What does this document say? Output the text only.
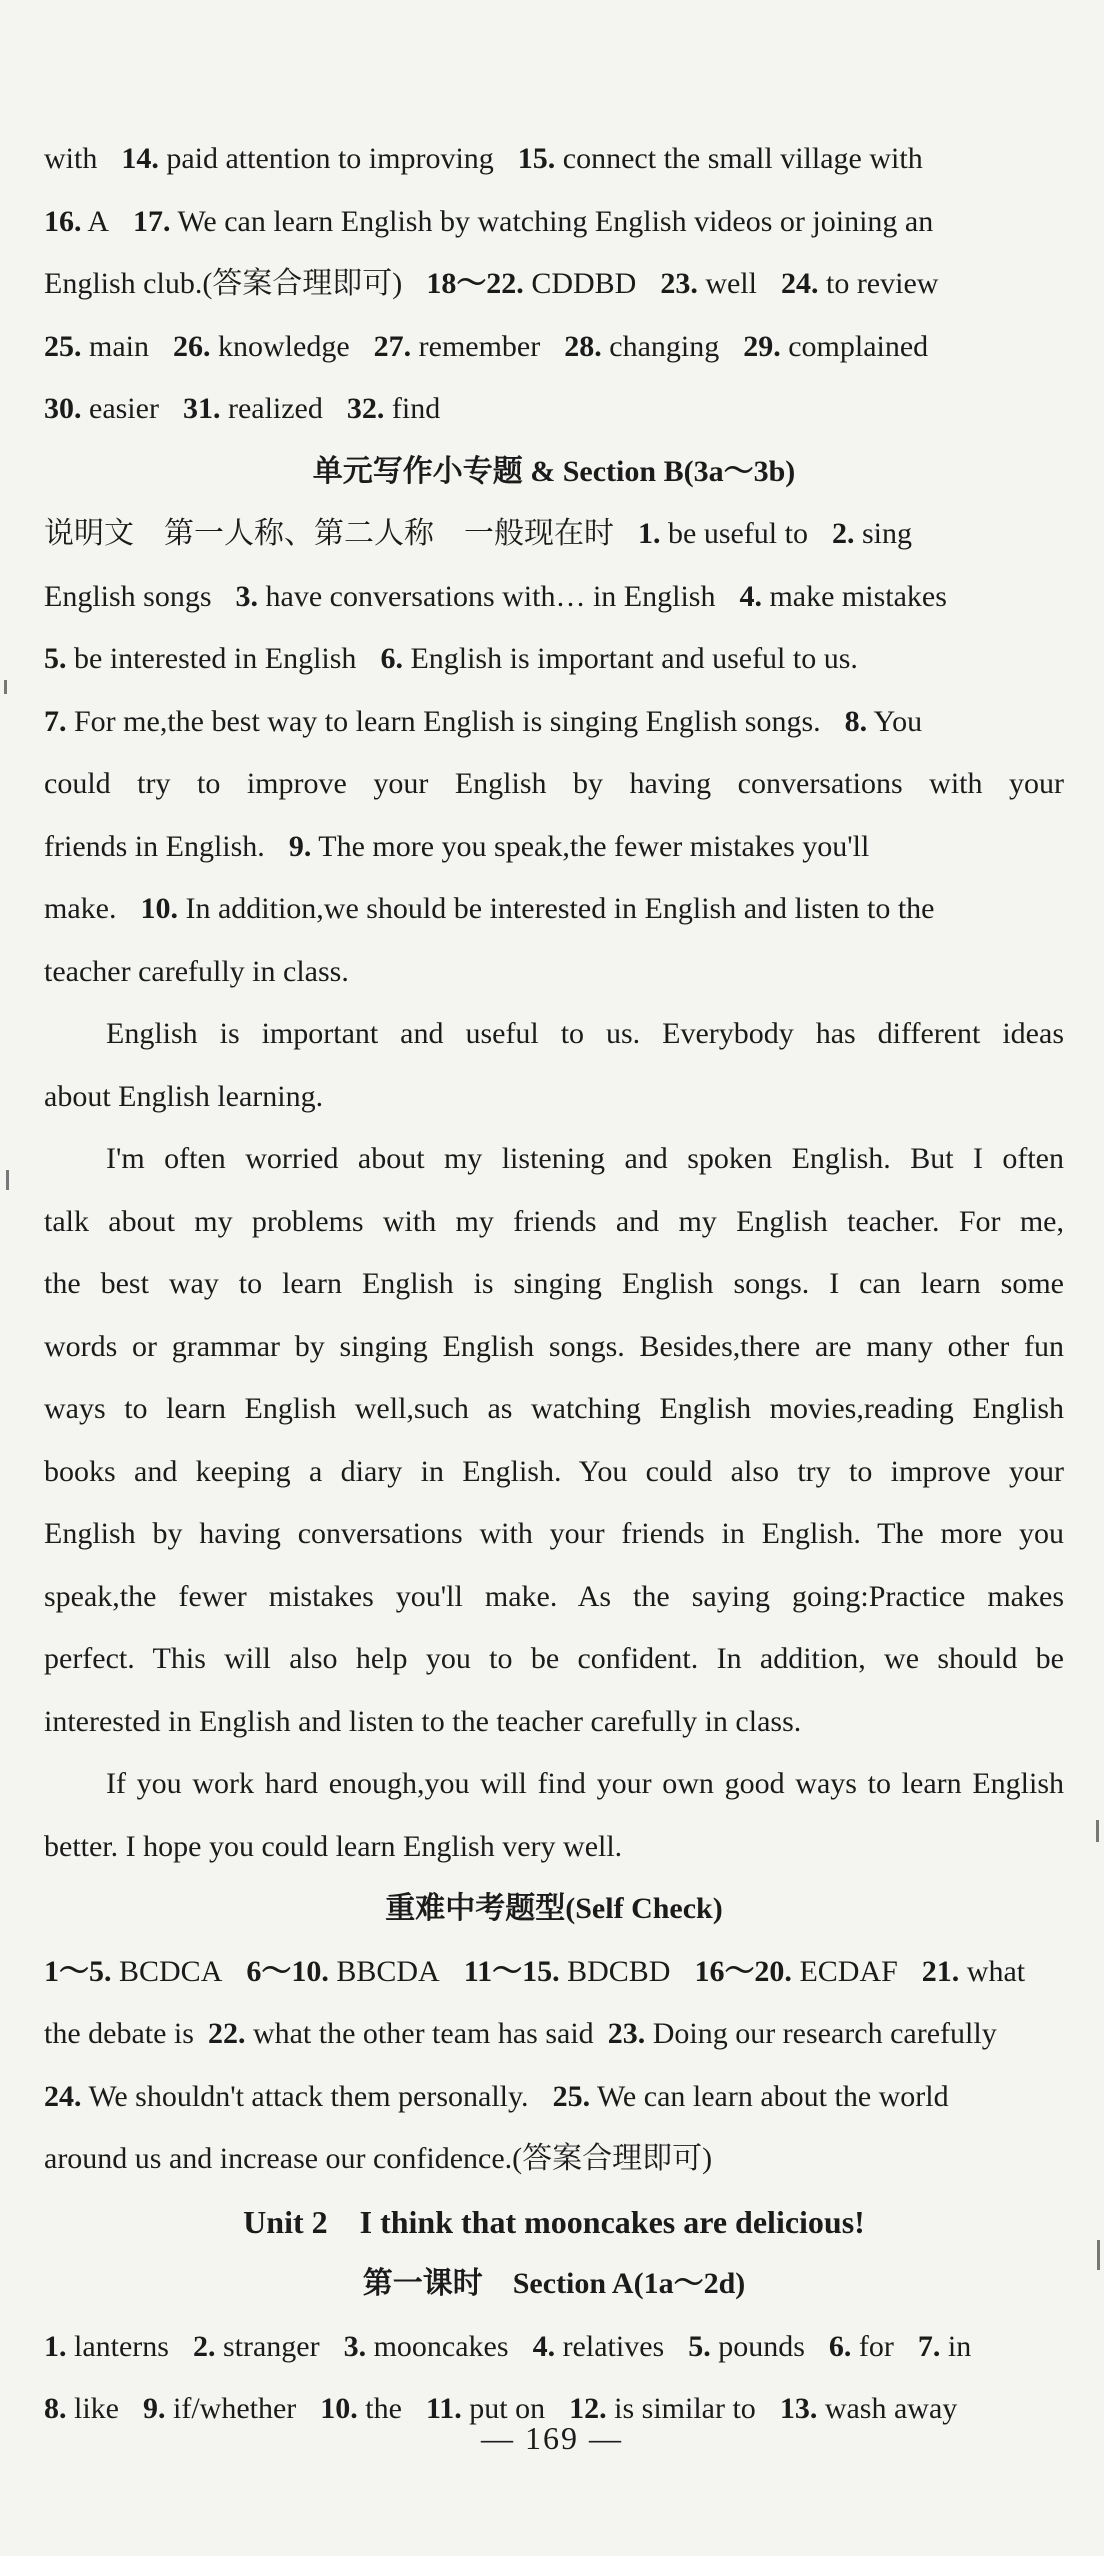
with 14. paid attention to improving 15. connect the small village with
16. A 17. We can learn English by watching English videos or joining an
English club.(答案合理即可) 18～22. CDDBD 23. well 24. to review
25. main 26. knowledge 27. remember 28. changing 29. complained
30. easier 31. realized 32. find
单元写作小专题 & Section B(3a～3b)
说明文　第一人称、第二人称　一般现在时 1. be useful to 2. sing
English songs 3. have conversations with… in English 4. make mistakes
5. be interested in English 6. English is important and useful to us.
7. For me,the best way to learn English is singing English songs. 8. You
could try to improve your English by having conversations with your
friends in English. 9. The more you speak,the fewer mistakes you'll
make. 10. In addition,we should be interested in English and listen to the
teacher carefully in class.
English is important and useful to us. Everybody has different ideas
about English learning.
I'm often worried about my listening and spoken English. But I often
talk about my problems with my friends and my English teacher. For me,
the best way to learn English is singing English songs. I can learn some
words or grammar by singing English songs. Besides,there are many other fun
ways to learn English well,such as watching English movies,reading English
books and keeping a diary in English. You could also try to improve your
English by having conversations with your friends in English. The more you
speak,the fewer mistakes you'll make. As the saying going:Practice makes
perfect. This will also help you to be confident. In addition, we should be
interested in English and listen to the teacher carefully in class.
If you work hard enough,you will find your own good ways to learn English
better. I hope you could learn English very well.
重难中考题型(Self Check)
1～5. BCDCA 6～10. BBCDA 11～15. BDCBD 16～20. ECDAF 21. what
the debate is 22. what the other team has said 23. Doing our research carefully
24. We shouldn't attack them personally. 25. We can learn about the world
around us and increase our confidence.(答案合理即可)
Unit 2　I think that mooncakes are delicious!
第一课时　Section A(1a～2d)
1. lanterns 2. stranger 3. mooncakes 4. relatives 5. pounds 6. for 7. in
8. like 9. if/whether 10. the 11. put on 12. is similar to 13. wash away
— 169 —
